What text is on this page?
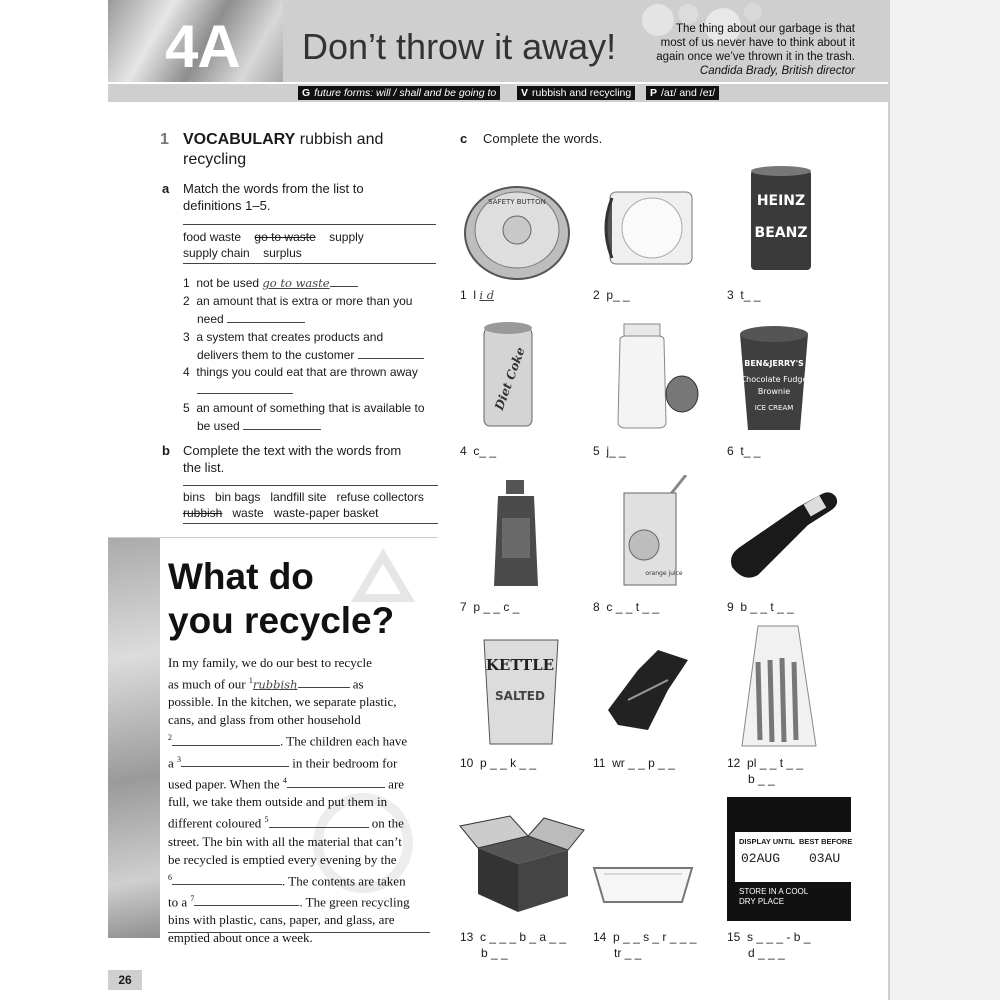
4A Don’t throw it away!	The thing about our garbage is that
most of us never have to think about it
again once we’ve thrown it in the trash.
Candida Brady, British director
G future forms: will / shall and be going to	V rubbish and recycling	P /aɪ/ and /eɪ/
1 VOCABULARY rubbish and
recycling
a Match the words from the list to
definitions 1–5.
food waste go to waste supply
supply chain surplus
1 not be used go to waste
2 an amount that is extra or more than you
need
3 a system that creates products and
delivers them to the customer
4 things you could eat that are thrown away

5 an amount of something that is available to
be used
b Complete the text with the words from
the list.
bins bin bags landfill site refuse collectors
rubbish waste waste-paper basket
What do
you recycle?
In my family, we do our best to recycle
as much of our $^1$rubbish	as
possible. In the kitchen, we separate plastic,
cans, and glass from other household
$^2$	. The children each have
a $^3$	in their bedroom for
used paper. When the $^4$	are
full, we take them outside and put them in
different coloured $^5$	on the
street. The bin with all the material that can’t
be recycled is emptied every evening by the
$^6$	. The contents are taken
to a $^7$	. The green recycling
bins with plastic, cans, paper, and glass, are
emptied about once a week.
c Complete the words.
SAFETY BUTTON	HEINZ
BEANZ
1 l i d	2 p_ _	3 t_ _
Diet Coke	BEN&JERRY'S
Chocolate Fudge
Brownie
ICE CREAM
4 c_ _	5 j_ _	6 t_ _
orange juice
7 p _ _ c _	8 c _ _ t _ _	9 b _ _ t _ _
KETTLE
SALTED
10 p _ _ k _ _	11 wr _ _ p _ _	12 pl _ _ t _ _
b _ _
DISPLAY UNTIL BEST BEFORE
02AUG 03AU
STORE IN A COOL
DRY PLACE
13 c _ _ _ b _ a _ _
b _ _
14 p _ _ s _ r _ _ _
tr _ _
15 s _ _ _ - b _
d _ _ _
26
